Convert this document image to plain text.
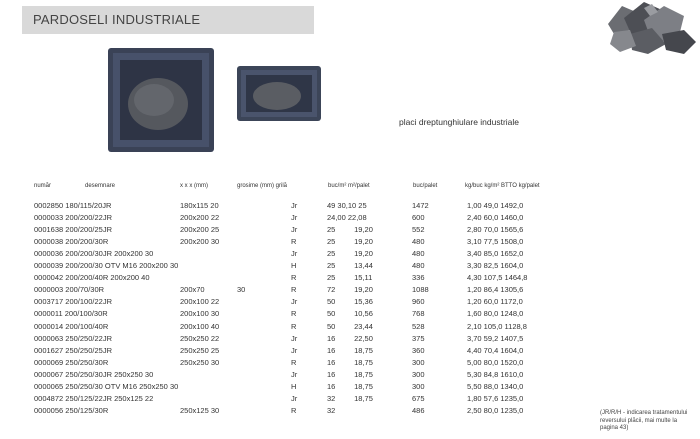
PARDOSELI INDUSTRIALE
placi dreptunghiulare industriale
număr	desemnare	x x x (mm)	grosime (mm) grilă	buc/m² m²/palet	buc/palet	kg/buc kg/m² BTTO kg/palet
0002850 180/115/20JR	180x115 20	Jr	49 30,10 25	1472	1,00 49,0 1492,0
0000033 200/200/22JR	200x200 22	Jr	24,00 22,08	600	2,40 60,0 1460,0
0001638 200/200/25JR	200x200 25	Jr	25         19,20	552	2,80 70,0 1565,6
0000038 200/200/30R	200x200 30	R	25         19,20	480	3,10 77,5 1508,0
0000036 200/200/30JR 200x200 30	Jr	25         19,20	480	3,40 85,0 1652,0
0000039 200/200/30 OTV M16 200x200 30	H	25         13,44	480	3,30 82,5 1604,0
0000042 200/200/40R 200x200 40	R	25         15,11	336	4,30 107,5 1464,8
0000003 200/70/30R	200x70	30	R	72         19,20	1088	1,20 86,4 1305,6
0003717 200/100/22JR	200x100 22	Jr	50         15,36	960	1,20 60,0 1172,0
0000011 200/100/30R	200x100 30	R	50         10,56	768	1,60 80,0 1248,0
0000014 200/100/40R	200x100 40	R	50         23,44	528	2,10 105,0 1128,8
0000063 250/250/22JR	250x250 22	Jr	16         22,50	375	3,70 59,2 1407,5
0001627 250/250/25JR	250x250 25	Jr	16         18,75	360	4,40 70,4 1604,0
0000069 250/250/30R	250x250 30	R	16         18,75	300	5,00 80,0 1520,0
0000067 250/250/30JR 250x250 30	Jr	16         18,75	300	5,30 84,8 1610,0
0000065 250/250/30 OTV M16 250x250 30	H	16         18,75	300	5,50 88,0 1340,0
0004872 250/125/22JR 250x125 22	Jr	32         18,75	675	1,80 57,6 1235,0
0000056 250/125/30R	250x125 30	R	32	486	2,50 80,0 1235,0	(JR/R/H - indicarea tratamentului reversului plăcii, mai multe la pagina 43)
